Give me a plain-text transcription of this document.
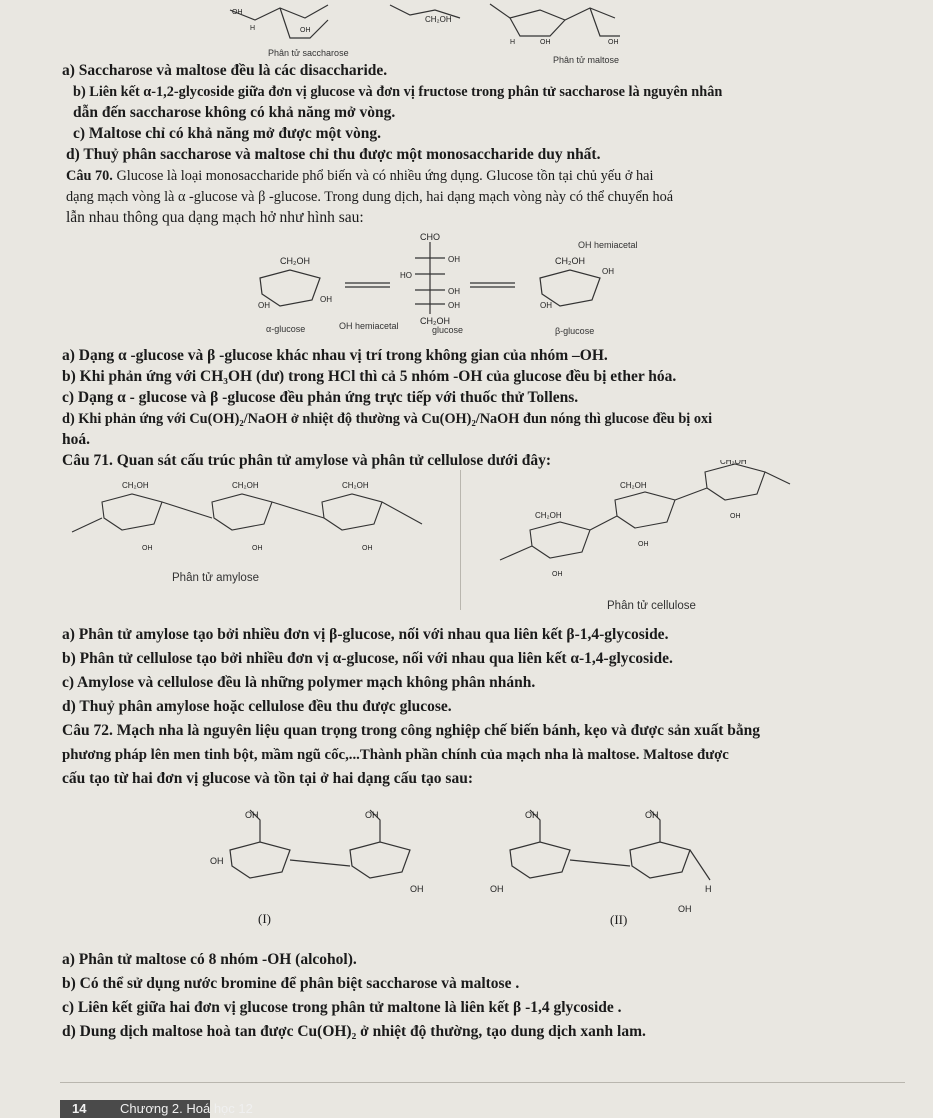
OH
H	OH
CH₂OH
H	OH	OH
Phân tử saccharose
Phân tử maltose
a) Saccharose và maltose đều là các disaccharide.
b) Liên kết α-1,2-glycoside giữa đơn vị glucose và đơn vị fructose trong phân tử saccharose là nguyên nhân
dẫn đến saccharose không có khả năng mở vòng.
c) Maltose chỉ có khả năng mở được một vòng.
d) Thuỷ phân saccharose và maltose chỉ thu được một monosaccharide duy nhất.
Câu 70. Glucose là loại monosaccharide phổ biến và có nhiều ứng dụng. Glucose tồn tại chủ yếu ở hai
dạng mạch vòng là α -glucose và β -glucose. Trong dung dịch, hai dạng mạch vòng này có thể chuyển hoá
lẫn nhau thông qua dạng mạch hở như hình sau:
CH₂OH
CHO
OH
HO
OH
OH
CH₂OH
CH₂OH
OH
OH
OH	OH
α-glucose	OH hemiacetal	glucose	β-glucose
OH hemiacetal
a) Dạng α -glucose và β -glucose khác nhau vị trí trong không gian của nhóm –OH.
b) Khi phản ứng với CH₃OH (dư) trong HCl thì cả 5 nhóm -OH của glucose đều bị ether hóa.
c) Dạng α - glucose và β -glucose đều phản ứng trực tiếp với thuốc thử Tollens.
d) Khi phản ứng với Cu(OH)₂/NaOH ở nhiệt độ thường và Cu(OH)₂/NaOH đun nóng thì glucose đều bị oxi
hoá.
Câu 71. Quan sát cấu trúc phân tử amylose và phân tử cellulose dưới đây:
CH₂OH	CH₂OH	CH₂OH
OH	OH	OH
Phân tử amylose
CH₂OH
CH₂OH
CH₂OH
OH
OH
OH
Phân tử cellulose
a) Phân tử amylose tạo bởi nhiều đơn vị β-glucose, nối với nhau qua liên kết β-1,4-glycoside.
b) Phân tử cellulose tạo bởi nhiều đơn vị α-glucose, nối với nhau qua liên kết α-1,4-glycoside.
c) Amylose và cellulose đều là những polymer mạch không phân nhánh.
d) Thuỷ phân amylose hoặc cellulose đều thu được glucose.
Câu 72. Mạch nha là nguyên liệu quan trọng trong công nghiệp chế biến bánh, kẹo và được sản xuất bằng
phương pháp lên men tinh bột, mầm ngũ cốc,...Thành phần chính của mạch nha là maltose. Maltose được
cấu tạo từ hai đơn vị glucose và tồn tại ở hai dạng cấu tạo sau:
OH	OH
OH
OH
OH	OH
OH	H
OH
(I)	(II)
a) Phân tử maltose có 8 nhóm -OH (alcohol).
b) Có thể sử dụng nước bromine để phân biệt saccharose và maltose .
c) Liên kết giữa hai đơn vị glucose trong phân tử maltone là liên kết β -1,4 glycoside .
d) Dung dịch maltose hoà tan được Cu(OH)₂ ở nhiệt độ thường, tạo dung dịch xanh lam.
14	Chương 2. Hoá học 12
